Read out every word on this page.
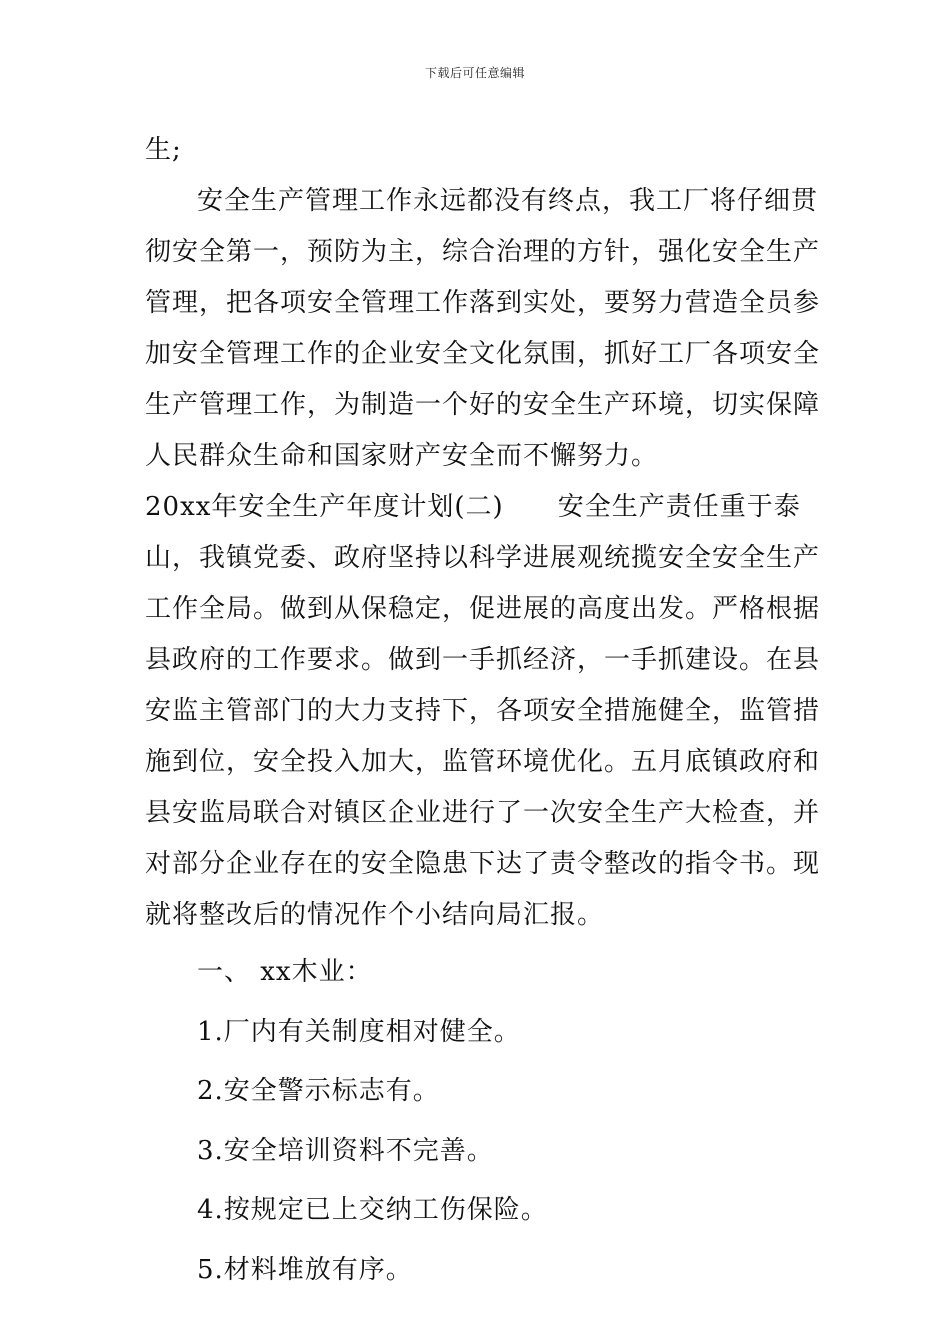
下载后可任意编辑

生;

安全生产管理工作永远都没有终点，我工厂将仔细贯彻安全第一，预防为主，综合治理的方针，强化安全生产管理，把各项安全管理工作落到实处，要努力营造全员参加安全管理工作的企业安全文化氛围，抓好工厂各项安全生产管理工作，为制造一个好的安全生产环境，切实保障人民群众生命和国家财产安全而不懈努力。

20xx年安全生产年度计划(二)　　安全生产责任重于泰山，我镇党委、政府坚持以科学进展观统揽安全安全生产工作全局。做到从保稳定，促进展的高度出发。严格根据县政府的工作要求。做到一手抓经济，一手抓建设。在县安监主管部门的大力支持下，各项安全措施健全，监管措施到位，安全投入加大，监管环境优化。五月底镇政府和县安监局联合对镇区企业进行了一次安全生产大检查，并对部分企业存在的安全隐患下达了责令整改的指令书。现就将整改后的情况作个小结向局汇报。

一、 xx木业：

1.厂内有关制度相对健全。

2.安全警示标志有。

3.安全培训资料不完善。

4.按规定已上交纳工伤保险。

5.材料堆放有序。
